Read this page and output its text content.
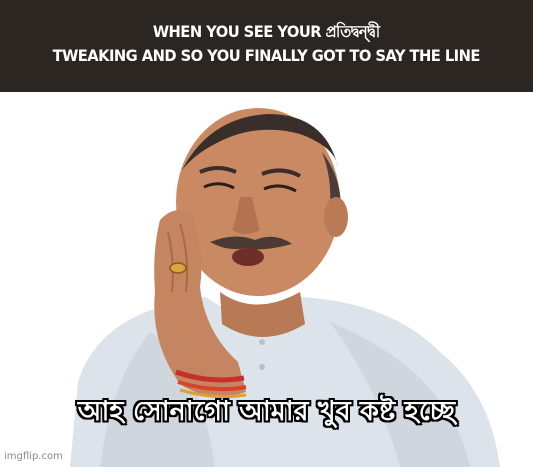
WHEN YOU SEE YOUR প্রতিদ্বন্দ্বী
TWEAKING AND SO YOU FINALLY GOT TO SAY THE LINE
আহ সোনাগো আমার খুব কষ্ট হচ্ছে
imgflip.com
